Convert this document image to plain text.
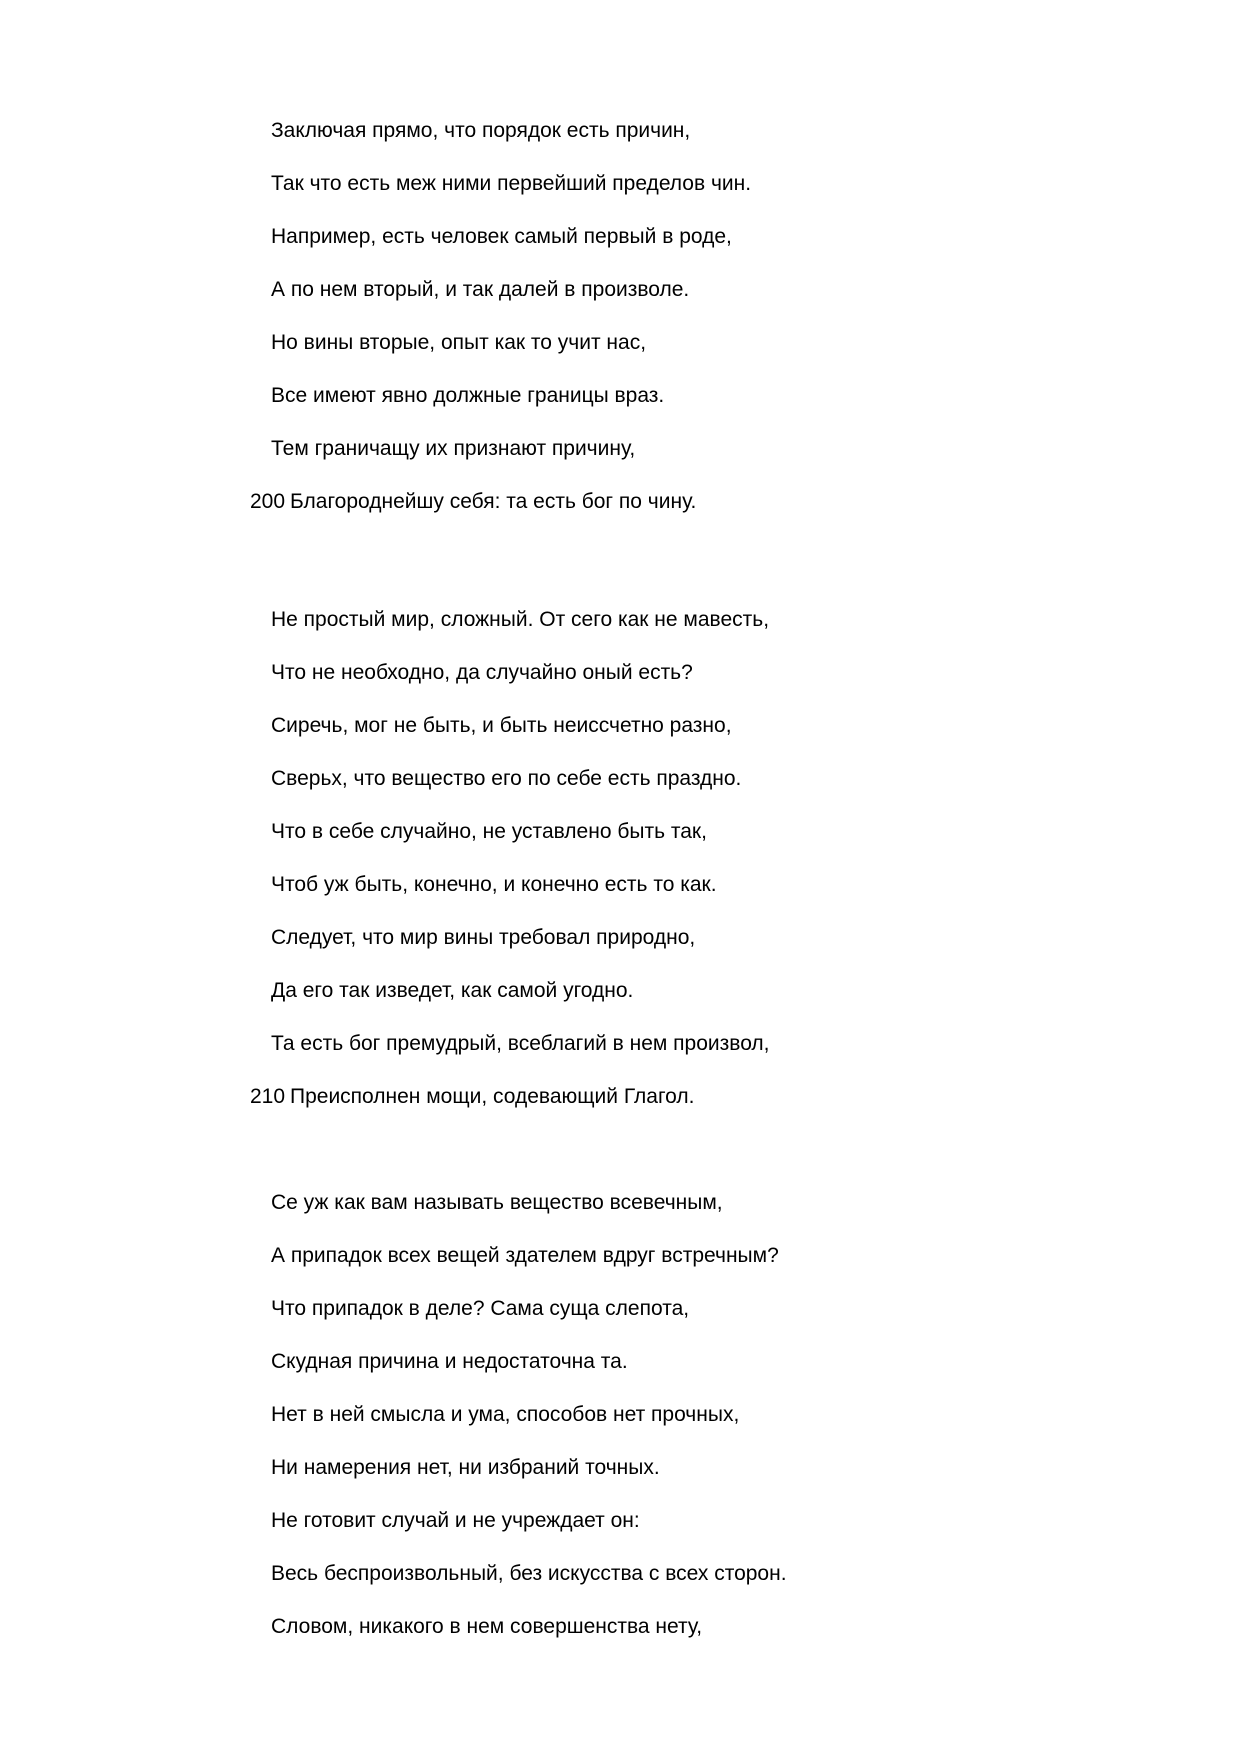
Заключая прямо, что порядок есть причин,
Так что есть меж ними первейший пределов чин.
Например, есть человек самый первый в роде,
А по нем вторый, и так далей в произволе.
Но вины вторые, опыт как то учит нас,
Все имеют явно должные границы враз.
Тем граничащу их признают причину,
200 Благороднейшу себя: та есть бог по чину.
Не простый мир, сложный. От сего как не мавесть,
Что не необходно, да случайно оный есть?
Сиречь, мог не быть, и быть неиссчетно разно,
Сверьх, что вещество его по себе есть праздно.
Что в себе случайно, не уставлено быть так,
Чтоб уж быть, конечно, и конечно есть то как.
Следует, что мир вины требовал природно,
Да его так изведет, как самой угодно.
Та есть бог премудрый, всеблагий в нем произвол,
210 Преисполнен мощи, содевающий Глагол.
Се уж как вам называть вещество всевечным,
А припадок всех вещей здателем вдруг встречным?
Что припадок в деле? Сама суща слепота,
Скудная причина и недостаточна та.
Нет в ней смысла и ума, способов нет прочных,
Ни намерения нет, ни избраний точных.
Не готовит случай и не учреждает он:
Весь беспроизвольный, без искусства с всех сторон.
Словом, никакого в нем совершенства нету,
